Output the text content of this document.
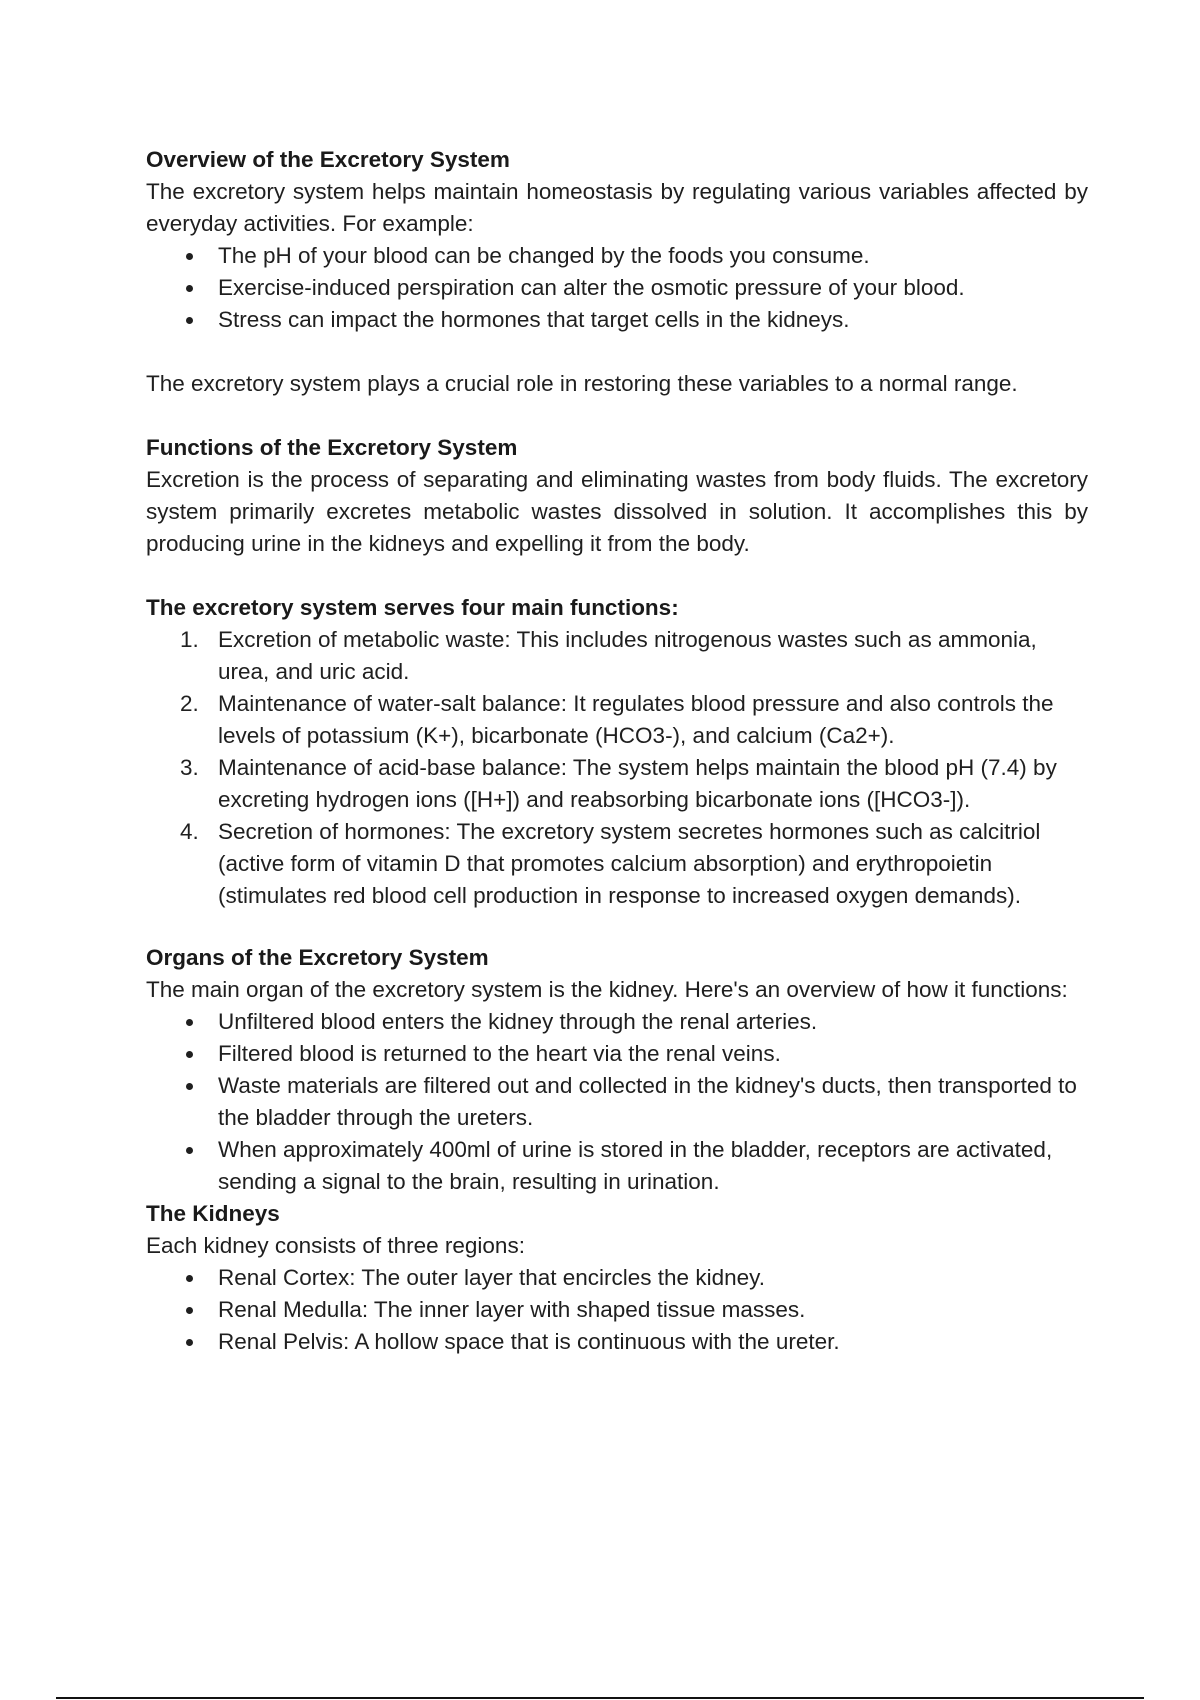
Overview of the Excretory System

The excretory system helps maintain homeostasis by regulating various variables affected by everyday activities. For example:

The pH of your blood can be changed by the foods you consume.
Exercise-induced perspiration can alter the osmotic pressure of your blood.
Stress can impact the hormones that target cells in the kidneys.

The excretory system plays a crucial role in restoring these variables to a normal range.

Functions of the Excretory System

Excretion is the process of separating and eliminating wastes from body fluids. The excretory system primarily excretes metabolic wastes dissolved in solution. It accomplishes this by producing urine in the kidneys and expelling it from the body.

The excretory system serves four main functions:
1. Excretion of metabolic waste: This includes nitrogenous wastes such as ammonia, urea, and uric acid.
2. Maintenance of water-salt balance: It regulates blood pressure and also controls the levels of potassium (K+), bicarbonate (HCO3-), and calcium (Ca2+).
3. Maintenance of acid-base balance: The system helps maintain the blood pH (7.4) by excreting hydrogen ions ([H+]) and reabsorbing bicarbonate ions ([HCO3-]).
4. Secretion of hormones: The excretory system secretes hormones such as calcitriol (active form of vitamin D that promotes calcium absorption) and erythropoietin (stimulates red blood cell production in response to increased oxygen demands).
Organs of the Excretory System

The main organ of the excretory system is the kidney. Here's an overview of how it functions:

Unfiltered blood enters the kidney through the renal arteries.
Filtered blood is returned to the heart via the renal veins.
Waste materials are filtered out and collected in the kidney's ducts, then transported to the bladder through the ureters.
When approximately 400ml of urine is stored in the bladder, receptors are activated, sending a signal to the brain, resulting in urination.
The Kidneys

Each kidney consists of three regions:

Renal Cortex: The outer layer that encircles the kidney.
Renal Medulla: The inner layer with shaped tissue masses.
Renal Pelvis: A hollow space that is continuous with the ureter.
